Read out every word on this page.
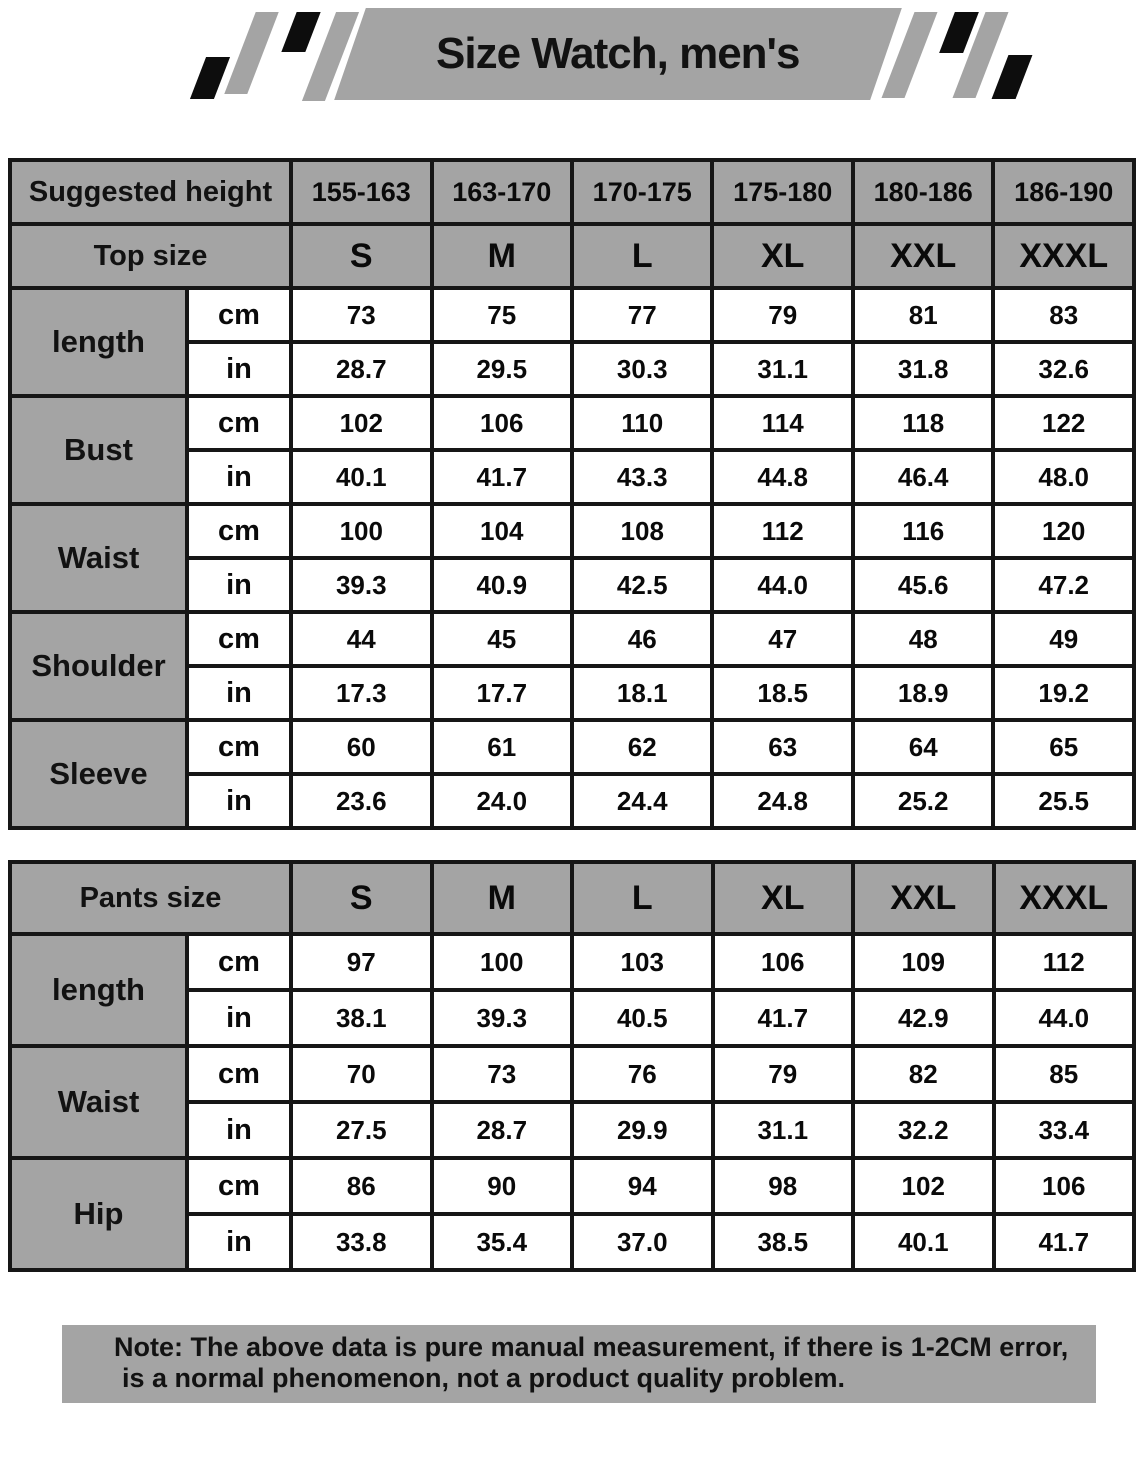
Size Watch, men's
Suggested height		155-163	163-170	170-175	175-180	180-186	186-190
Top size		S	M	L	XL	XXL	XXXL
length	cm	73	75	77	79	81	83
	in	28.7	29.5	30.3	31.1	31.8	32.6
Bust	cm	102	106	110	114	118	122
	in	40.1	41.7	43.3	44.8	46.4	48.0
Waist	cm	100	104	108	112	116	120
	in	39.3	40.9	42.5	44.0	45.6	47.2
Shoulder	cm	44	45	46	47	48	49
	in	17.3	17.7	18.1	18.5	18.9	19.2
Sleeve	cm	60	61	62	63	64	65
	in	23.6	24.0	24.4	24.8	25.2	25.5
Pants size		S	M	L	XL	XXL	XXXL
length	cm	97	100	103	106	109	112
	in	38.1	39.3	40.5	41.7	42.9	44.0
Waist	cm	70	73	76	79	82	85
	in	27.5	28.7	29.9	31.1	32.2	33.4
Hip	cm	86	90	94	98	102	106
	in	33.8	35.4	37.0	38.5	40.1	41.7

Note: The above data is pure manual measurement, if there is 1-2CM error,

is a normal phenomenon, not a product quality problem.
